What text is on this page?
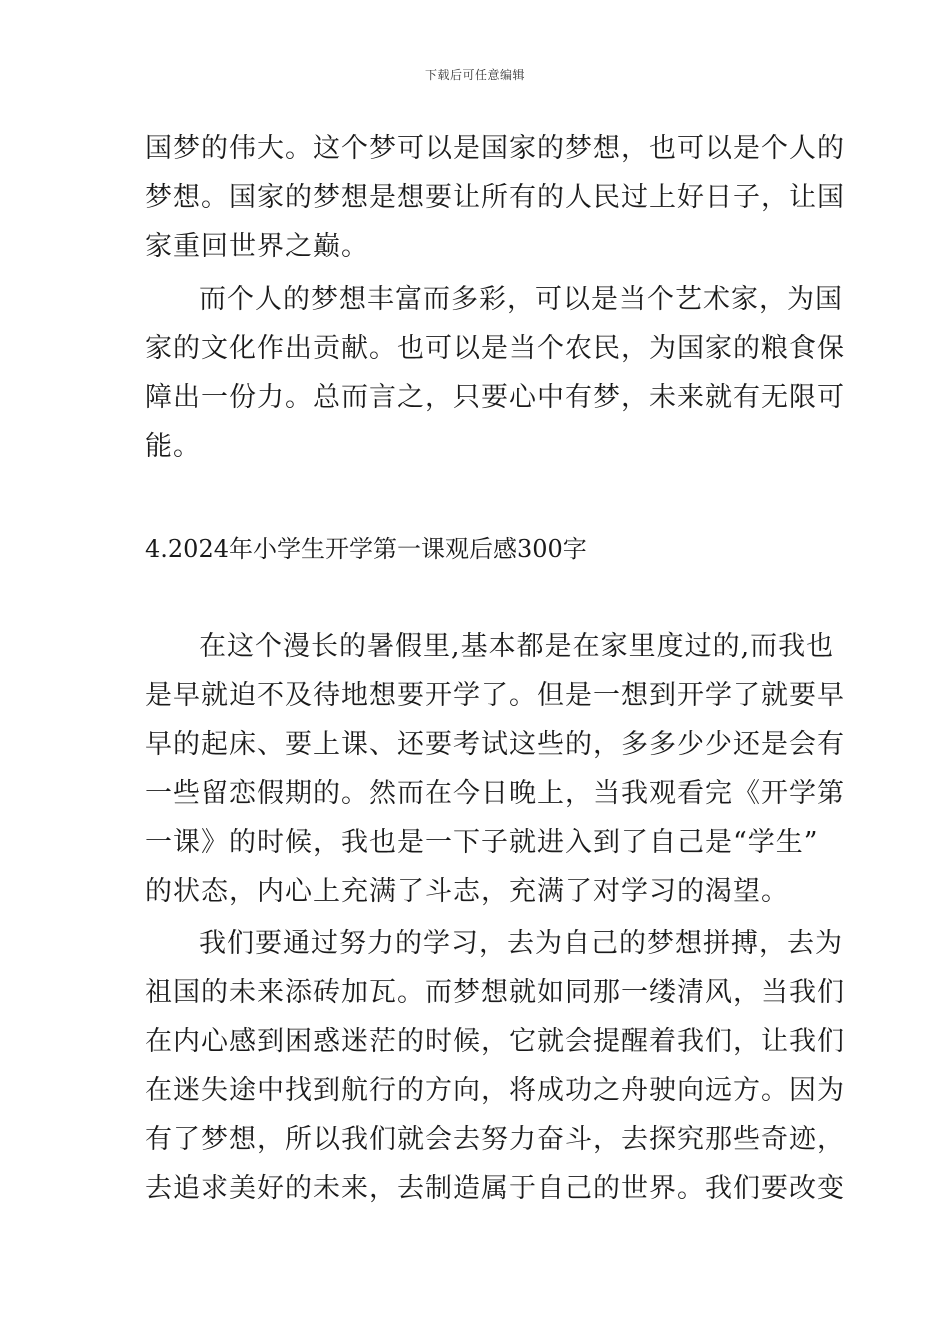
下载后可任意编辑
国梦的伟大。这个梦可以是国家的梦想，也可以是个人的
梦想。国家的梦想是想要让所有的人民过上好日子，让国
家重回世界之巅。
而个人的梦想丰富而多彩，可以是当个艺术家，为国
家的文化作出贡献。也可以是当个农民，为国家的粮食保
障出一份力。总而言之，只要心中有梦，未来就有无限可
能。
4.2024年小学生开学第一课观后感300字
在这个漫长的暑假里,基本都是在家里度过的,而我也
是早就迫不及待地想要开学了。但是一想到开学了就要早
早的起床、要上课、还要考试这些的，多多少少还是会有
一些留恋假期的。然而在今日晚上，当我观看完《开学第
一课》的时候，我也是一下子就进入到了自己是“学生”
的状态，内心上充满了斗志，充满了对学习的渴望。
我们要通过努力的学习，去为自己的梦想拼搏，去为
祖国的未来添砖加瓦。而梦想就如同那一缕清风，当我们
在内心感到困惑迷茫的时候，它就会提醒着我们，让我们
在迷失途中找到航行的方向，将成功之舟驶向远方。因为
有了梦想，所以我们就会去努力奋斗，去探究那些奇迹，
去追求美好的未来，去制造属于自己的世界。我们要改变
